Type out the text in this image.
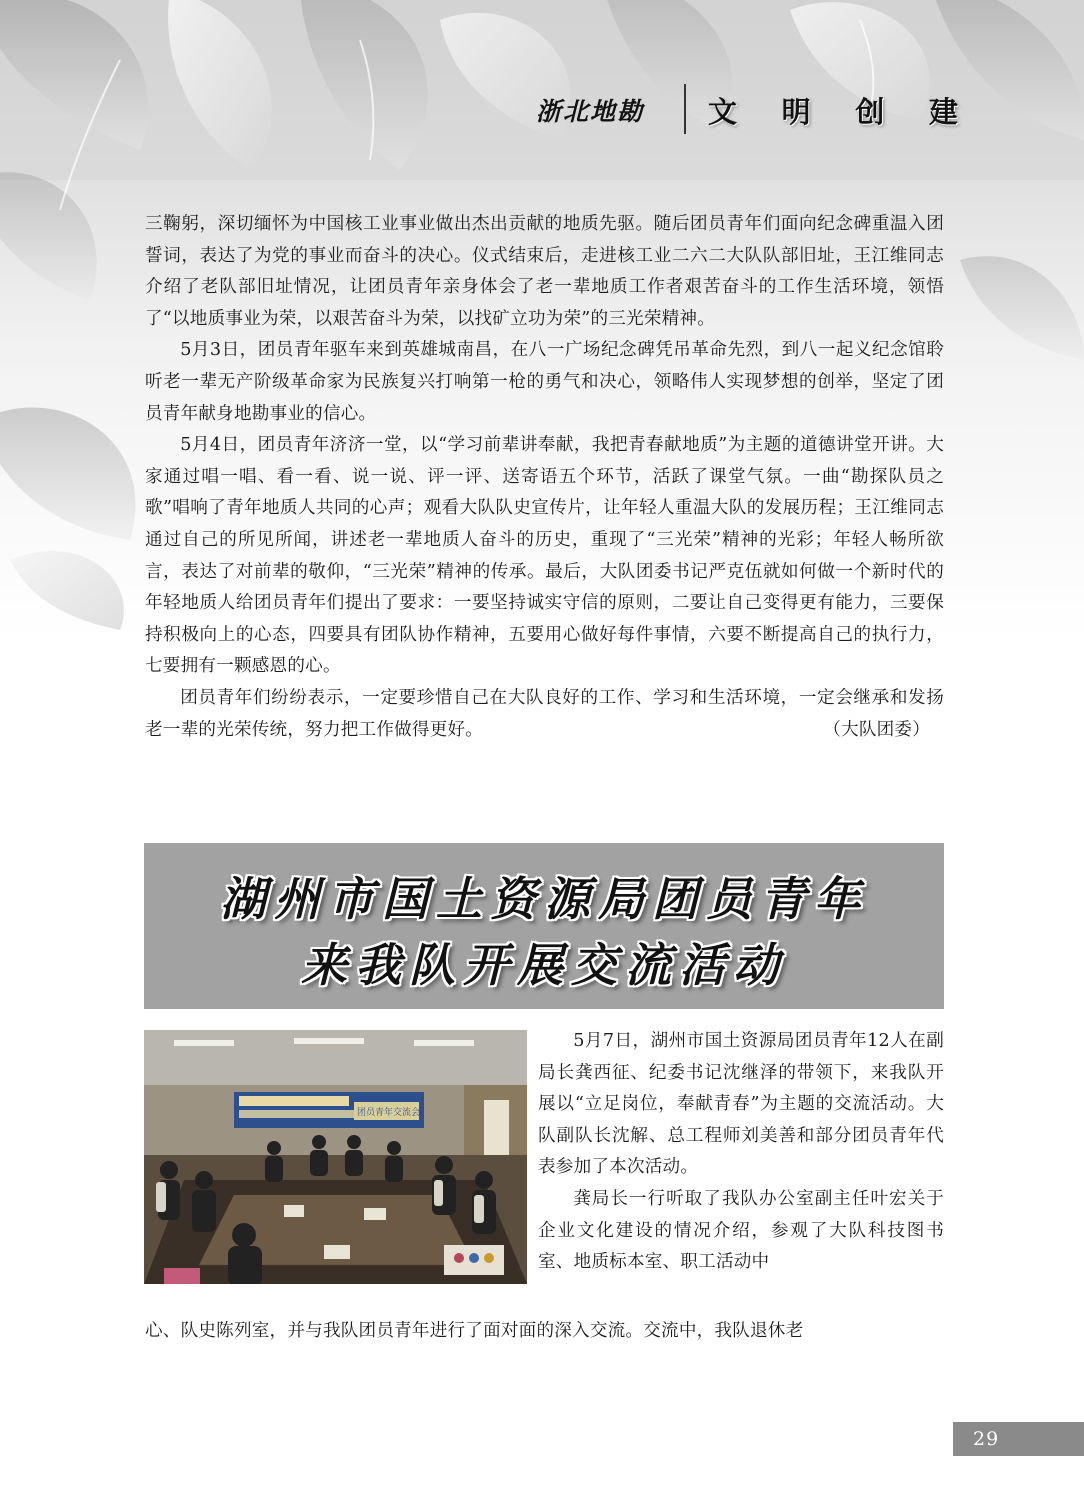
浙北地勘	文 明 创 建

三鞠躬，深切缅怀为中国核工业事业做出杰出贡献的地质先驱。随后团员青年们面向纪念碑重温入团誓词，表达了为党的事业而奋斗的决心。仪式结束后，走进核工业二六二大队队部旧址，王江维同志介绍了老队部旧址情况，让团员青年亲身体会了老一辈地质工作者艰苦奋斗的工作生活环境，领悟了“以地质事业为荣，以艰苦奋斗为荣，以找矿立功为荣”的三光荣精神。

5月3日，团员青年驱车来到英雄城南昌，在八一广场纪念碑凭吊革命先烈，到八一起义纪念馆聆听老一辈无产阶级革命家为民族复兴打响第一枪的勇气和决心，领略伟人实现梦想的创举，坚定了团员青年献身地勘事业的信心。

5月4日，团员青年济济一堂，以“学习前辈讲奉献，我把青春献地质”为主题的道德讲堂开讲。大家通过唱一唱、看一看、说一说、评一评、送寄语五个环节，活跃了课堂气氛。一曲“勘探队员之歌”唱响了青年地质人共同的心声；观看大队队史宣传片，让年轻人重温大队的发展历程；王江维同志通过自己的所见所闻，讲述老一辈地质人奋斗的历史，重现了“三光荣”精神的光彩；年轻人畅所欲言，表达了对前辈的敬仰，“三光荣”精神的传承。最后，大队团委书记严克伍就如何做一个新时代的年轻地质人给团员青年们提出了要求：一要坚持诚实守信的原则，二要让自己变得更有能力，三要保持积极向上的心态，四要具有团队协作精神，五要用心做好每件事情，六要不断提高自己的执行力，七要拥有一颗感恩的心。

团员青年们纷纷表示，一定要珍惜自己在大队良好的工作、学习和生活环境，一定会继承和发扬老一辈的光荣传统，努力把工作做得更好。	（大队团委）
湖州市国土资源局团员青年
来我队开展交流活动
团员青年交流会

5月7日，湖州市国土资源局团员青年12人在副局长龚西征、纪委书记沈继泽的带领下，来我队开展以“立足岗位，奉献青春”为主题的交流活动。大队副队长沈解、总工程师刘美善和部分团员青年代表参加了本次活动。

龚局长一行听取了我队办公室副主任叶宏关于企业文化建设的情况介绍，参观了大队科技图书室、地质标本室、职工活动中

心、队史陈列室，并与我队团员青年进行了面对面的深入交流。交流中，我队退休老

29
